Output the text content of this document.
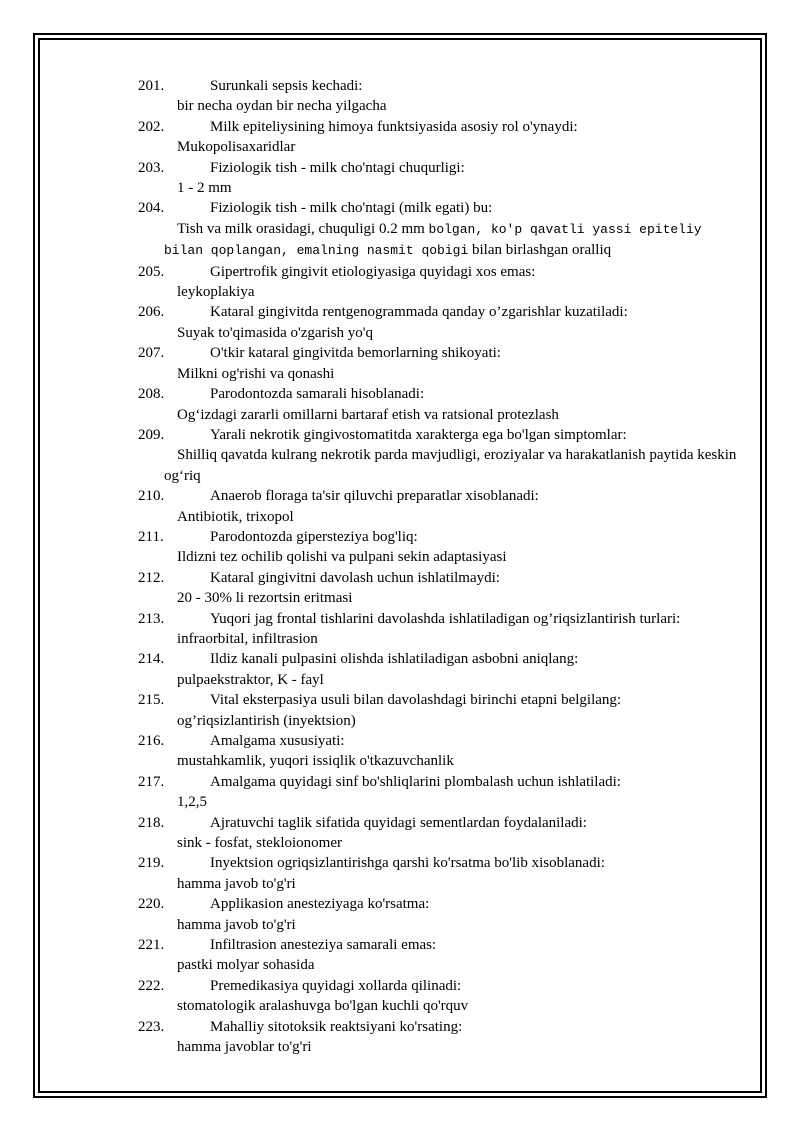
201.	Surunkali sepsis kechadi:
bir necha oydan bir necha yilgacha
202.	Milk epiteliysining himoya funktsiyasida asosiy rol o'ynaydi:
Mukopolisaxaridlar
203.	Fiziologik tish - milk cho'ntagi chuqurligi:
1 - 2 mm
204.	Fiziologik tish - milk cho'ntagi (milk egati) bu:
Tish va milk orasidagi, chuquligi 0.2 mm bolgan, ko'p qavatli yassi epiteliy
bilan qoplangan, emalning nasmit qobigi bilan birlashgan oralliq
205.	Gipertrofik gingivit etiologiyasiga quyidagi xos emas:
leykoplakiya
206.	Kataral gingivitda rentgenogrammada qanday o’zgarishlar kuzatiladi:
Suyak to'qimasida o'zgarish yo'q
207.	O'tkir kataral gingivitda bemorlarning shikoyati:
Milkni og'rishi va qonashi
208.	Parodontozda samarali hisoblanadi:
Og‘izdagi zararli omillarni bartaraf etish va ratsional protezlash
209.	Yarali nekrotik gingivostomatitda xarakterga ega bo'lgan simptomlar:
Shilliq qavatda kulrang nekrotik parda mavjudligi, eroziyalar va harakatlanish paytida keskin og‘riq
210.	Anaerob floraga ta'sir qiluvchi preparatlar xisoblanadi:
Antibiotik, trixopol
211.	Parodontozda gipersteziya bog'liq:
Ildizni tez ochilib qolishi va pulpani sekin adaptasiyasi
212.	Kataral gingivitni davolash uchun ishlatilmaydi:
20 - 30% li rezortsin eritmasi
213.	Yuqori jag frontal tishlarini davolashda ishlatiladigan og’riqsizlantirish turlari:
infraorbital, infiltrasion
214.	Ildiz kanali pulpasini olishda ishlatiladigan asbobni aniqlang:
pulpaekstraktor, K - fayl
215.	Vital eksterpasiya usuli bilan davolashdagi birinchi etapni belgilang:
og’riqsizlantirish (inyektsion)
216.	Amalgama xususiyati:
mustahkamlik, yuqori issiqlik o'tkazuvchanlik
217.	Amalgama quyidagi sinf bo'shliqlarini plombalash uchun ishlatiladi:
1,2,5
218.	Ajratuvchi taglik sifatida quyidagi sementlardan foydalaniladi:
sink - fosfat, stekloionomer
219.	Inyektsion ogriqsizlantirishga qarshi ko'rsatma bo'lib xisoblanadi:
hamma javob to'g'ri
220.	Applikasion anesteziyaga ko'rsatma:
hamma javob to'g'ri
221.	Infiltrasion anesteziya samarali emas:
pastki molyar sohasida
222.	Premedikasiya quyidagi xollarda qilinadi:
stomatologik aralashuvga bo'lgan kuchli qo'rquv
223.	Mahalliy sitotoksik reaktsiyani ko'rsating:
hamma javoblar to'g'ri
